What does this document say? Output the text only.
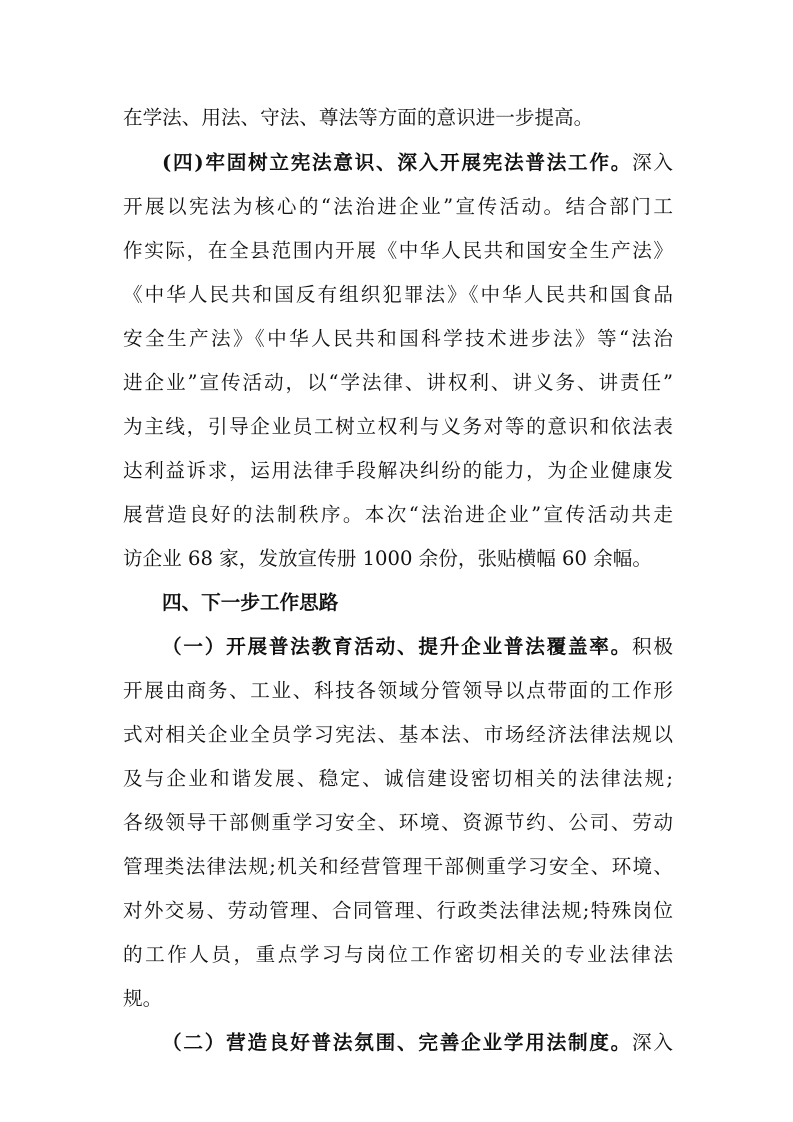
在学法、用法、守法、尊法等方面的意识进一步提高。
(四)牢固树立宪法意识、深入开展宪法普法工作。深入
开展以宪法为核心的“法治进企业”宣传活动。结合部门工
作实际，在全县范围内开展《中华人民共和国安全生产法》
《中华人民共和国反有组织犯罪法》《中华人民共和国食品
安全生产法》《中华人民共和国科学技术进步法》等“法治
进企业”宣传活动，以“学法律、讲权利、讲义务、讲责任”
为主线，引导企业员工树立权利与义务对等的意识和依法表
达利益诉求，运用法律手段解决纠纷的能力，为企业健康发
展营造良好的法制秩序。本次“法治进企业”宣传活动共走
访企业 68 家，发放宣传册 1000 余份，张贴横幅 60 余幅。
四、下一步工作思路
（一）开展普法教育活动、提升企业普法覆盖率。积极
开展由商务、工业、科技各领域分管领导以点带面的工作形
式对相关企业全员学习宪法、基本法、市场经济法律法规以
及与企业和谐发展、稳定、诚信建设密切相关的法律法规;
各级领导干部侧重学习安全、环境、资源节约、公司、劳动
管理类法律法规;机关和经营管理干部侧重学习安全、环境、
对外交易、劳动管理、合同管理、行政类法律法规;特殊岗位
的工作人员，重点学习与岗位工作密切相关的专业法律法
规。
（二）营造良好普法氛围、完善企业学用法制度。深入
